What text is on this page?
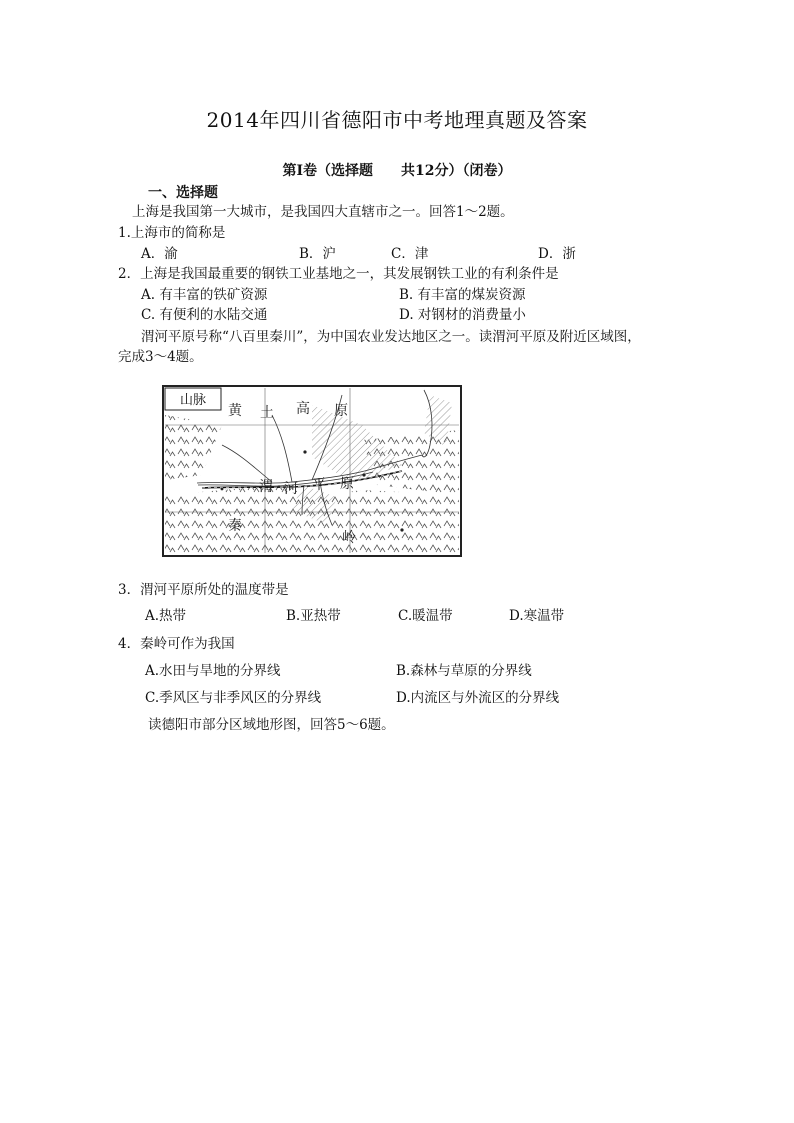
2014年四川省德阳市中考地理真题及答案
第Ⅰ卷（选择题　　共12分）（闭卷）
一、选择题
上海是我国第一大城市，是我国四大直辖市之一。回答1～2题。
1.上海市的简称是
A．渝	B．沪	C．津	D．浙
2．上海是我国最重要的钢铁工业基地之一，其发展钢铁工业的有利条件是
A. 有丰富的铁矿资源	B. 有丰富的煤炭资源
C. 有便利的水陆交通	D. 对钢材的消费量小
渭河平原号称“八百里秦川”，为中国农业发达地区之一。读渭河平原及附近区域图，
完成3～4题。
山脉
黄 土 高 原
渭 河 平 原
秦
岭
3．渭河平原所处的温度带是
A.热带	B.亚热带	C.暖温带	D.寒温带
4．秦岭可作为我国
A.水田与旱地的分界线	B.森林与草原的分界线
C.季风区与非季风区的分界线	D.内流区与外流区的分界线
读德阳市部分区域地形图，回答5～6题。
